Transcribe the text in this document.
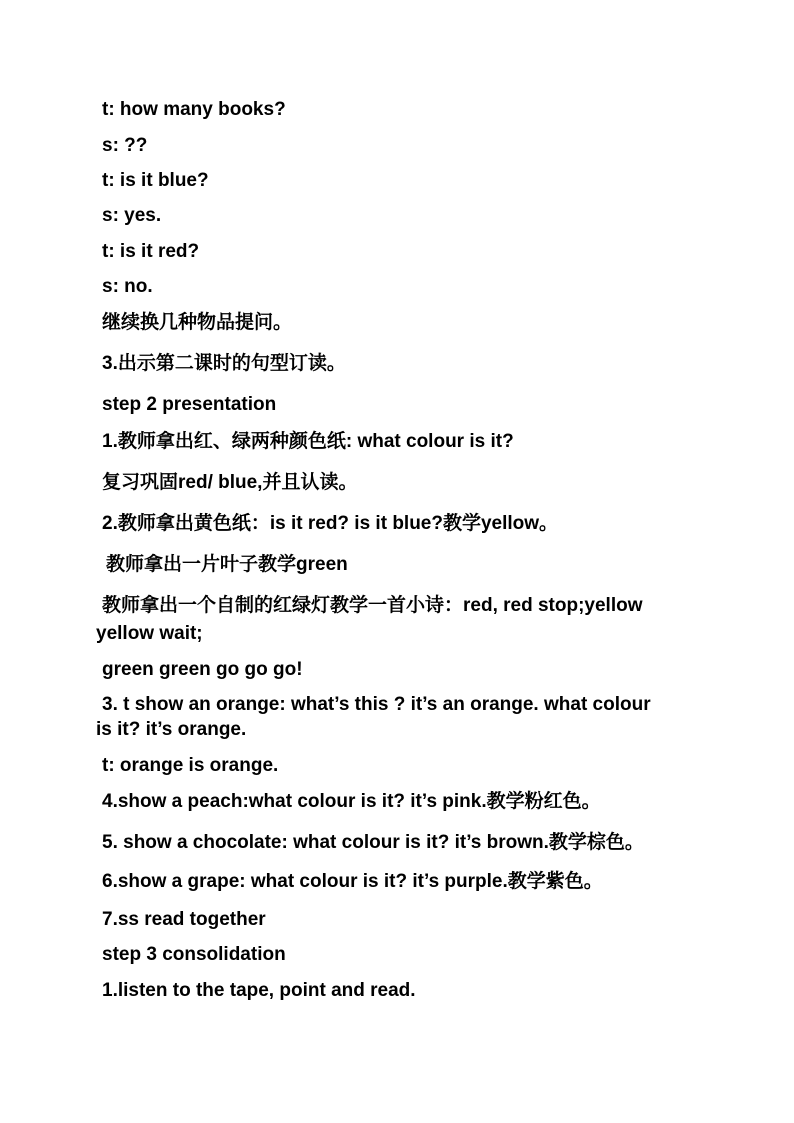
t: how many books?
s: ??
t: is it blue?
s: yes.
t: is it red?
s: no.
继续换几种物品提问。
3.出示第二课时的句型订读。
step 2 presentation
1.教师拿出红、绿两种颜色纸: what colour is it?
复习巩固red/ blue,并且认读。
2.教师拿出黄色纸：is it red? is it blue?教学yellow。
教师拿出一片叶子教学green
教师拿出一个自制的红绿灯教学一首小诗：red, red stop;yellow
yellow wait;
green green go go go!
3. t show an orange: what’s this ? it’s an orange. what colour
is it? it’s orange.
t: orange is orange.
4.show a peach:what colour is it? it’s pink.教学粉红色。
5. show a chocolate: what colour is it? it’s brown.教学棕色。
6.show a grape: what colour is it? it’s purple.教学紫色。
7.ss read together
step 3 consolidation
1.listen to the tape, point and read.
